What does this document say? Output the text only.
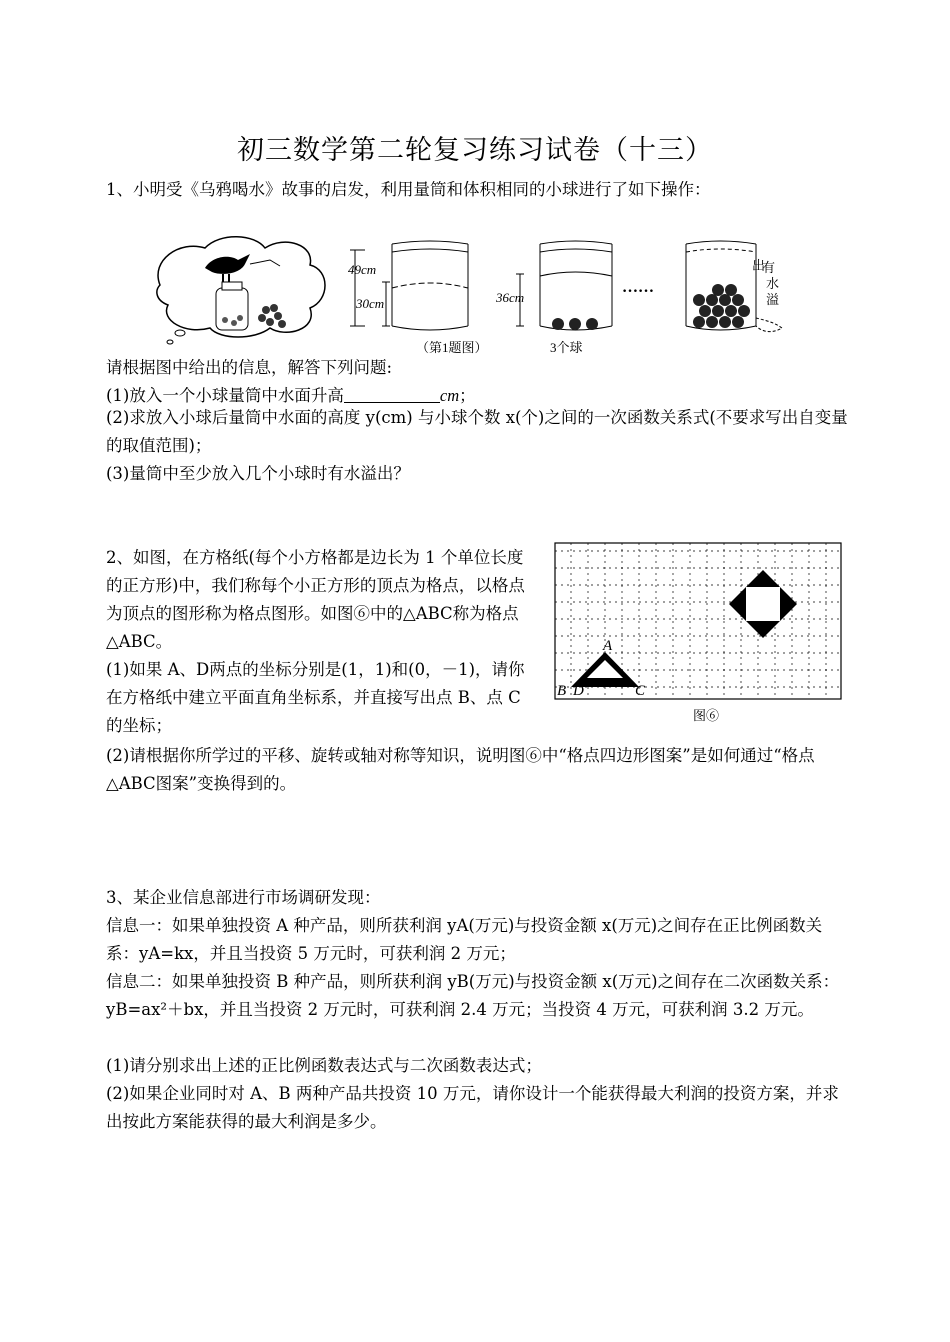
初三数学第二轮复习练习试卷（十三）
1、小明受《乌鸦喝水》故事的启发，利用量筒和体积相同的小球进行了如下操作：
49cm
30cm	36cm
3个球
……
有
水
溢
出
（第1题图）
请根据图中给出的信息，解答下列问题:
(1)放入一个小球量筒中水面升高	cm；
(2)求放入小球后量筒中水面的高度 y(cm) 与小球个数 x(个)之间的一次函数关系式(不要求写出自变量的取值范围)；
(3)量筒中至少放入几个小球时有水溢出？
2、如图，在方格纸(每个小方格都是边长为 1 个单位长度的正方形)中，我们称每个小正方形的顶点为格点，以格点为顶点的图形称为格点图形。如图⑥中的△ABC称为格点△ABC。
(1)如果 A、D两点的坐标分别是(1，1)和(0，－1)，请你在方格纸中建立平面直角坐标系，并直接写出点 B、点 C的坐标；
(2)请根据你所学过的平移、旋转或轴对称等知识，说明图⑥中“格点四边形图案”是如何通过“格点△ABC图案”变换得到的。
A
B D	C
图⑥
3、某企业信息部进行市场调研发现：
信息一：如果单独投资 A 种产品，则所获利润 yA(万元)与投资金额 x(万元)之间存在正比例函数关系：yA=kx，并且当投资 5 万元时，可获利润 2 万元；
信息二：如果单独投资 B 种产品，则所获利润 yB(万元)与投资金额 x(万元)之间存在二次函数关系：yB=ax²＋bx，并且当投资 2 万元时，可获利润 2.4 万元；当投资 4 万元，可获利润 3.2 万元。
(1)请分别求出上述的正比例函数表达式与二次函数表达式；
(2)如果企业同时对 A、B 两种产品共投资 10 万元，请你设计一个能获得最大利润的投资方案，并求出按此方案能获得的最大利润是多少。
